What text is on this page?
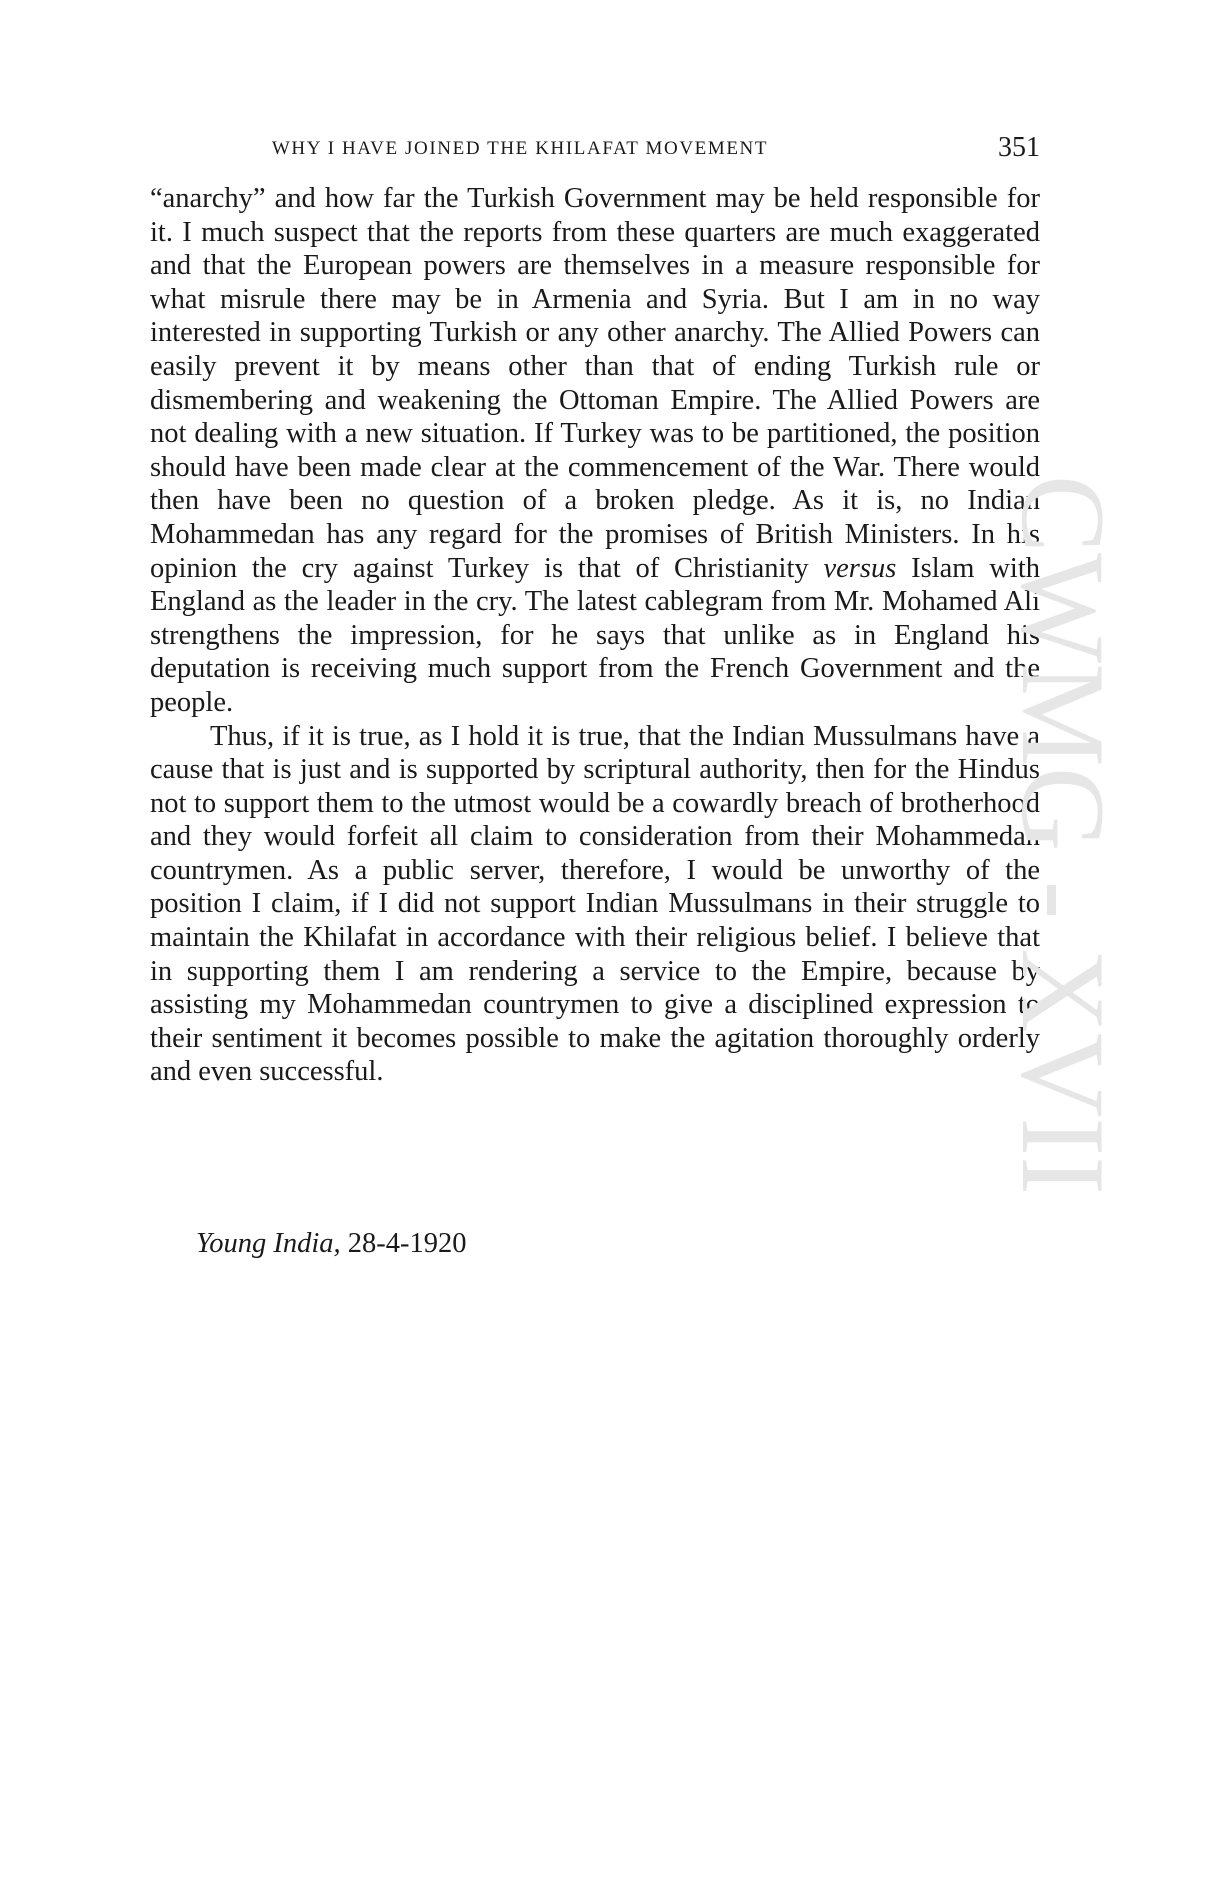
WHY I HAVE JOINED THE KHILAFAT MOVEMENT	351

“anarchy” and how far the Turkish Government may be held responsible for it. I much suspect that the reports from these quarters are much exaggerated and that the European powers are themselves in a measure responsible for what misrule there may be in Armenia and Syria. But I am in no way interested in supporting Turkish or any other anarchy. The Allied Powers can easily prevent it by means other than that of ending Turkish rule or dismembering and weakening the Ottoman Empire. The Allied Powers are not dealing with a new situation. If Turkey was to be partitioned, the position should have been made clear at the commencement of the War. There would then have been no question of a broken pledge. As it is, no Indian Mohammedan has any regard for the promises of British Ministers. In his opinion the cry against Turkey is that of Christianity versus Islam with England as the leader in the cry. The latest cablegram from Mr. Mohamed Ali strengthens the impression, for he says that unlike as in England his deputation is receiving much support from the French Government and the people.

Thus, if it is true, as I hold it is true, that the Indian Mussulmans have a cause that is just and is supported by scriptural authority, then for the Hindus not to support them to the utmost would be a cowardly breach of brotherhood and they would forfeit all claim to consideration from their Mohammedan countrymen. As a public server, therefore, I would be unworthy of the position I claim, if I did not support Indian Mussulmans in their struggle to maintain the Khilafat in accordance with their religious belief. I believe that in supporting them I am rendering a service to the Empire, because by assisting my Mohammedan countrymen to give a disciplined expression to their sentiment it becomes possible to make the agitation thoroughly orderly and even successful.

Young India, 28-4-1920
CWMG - XVII
